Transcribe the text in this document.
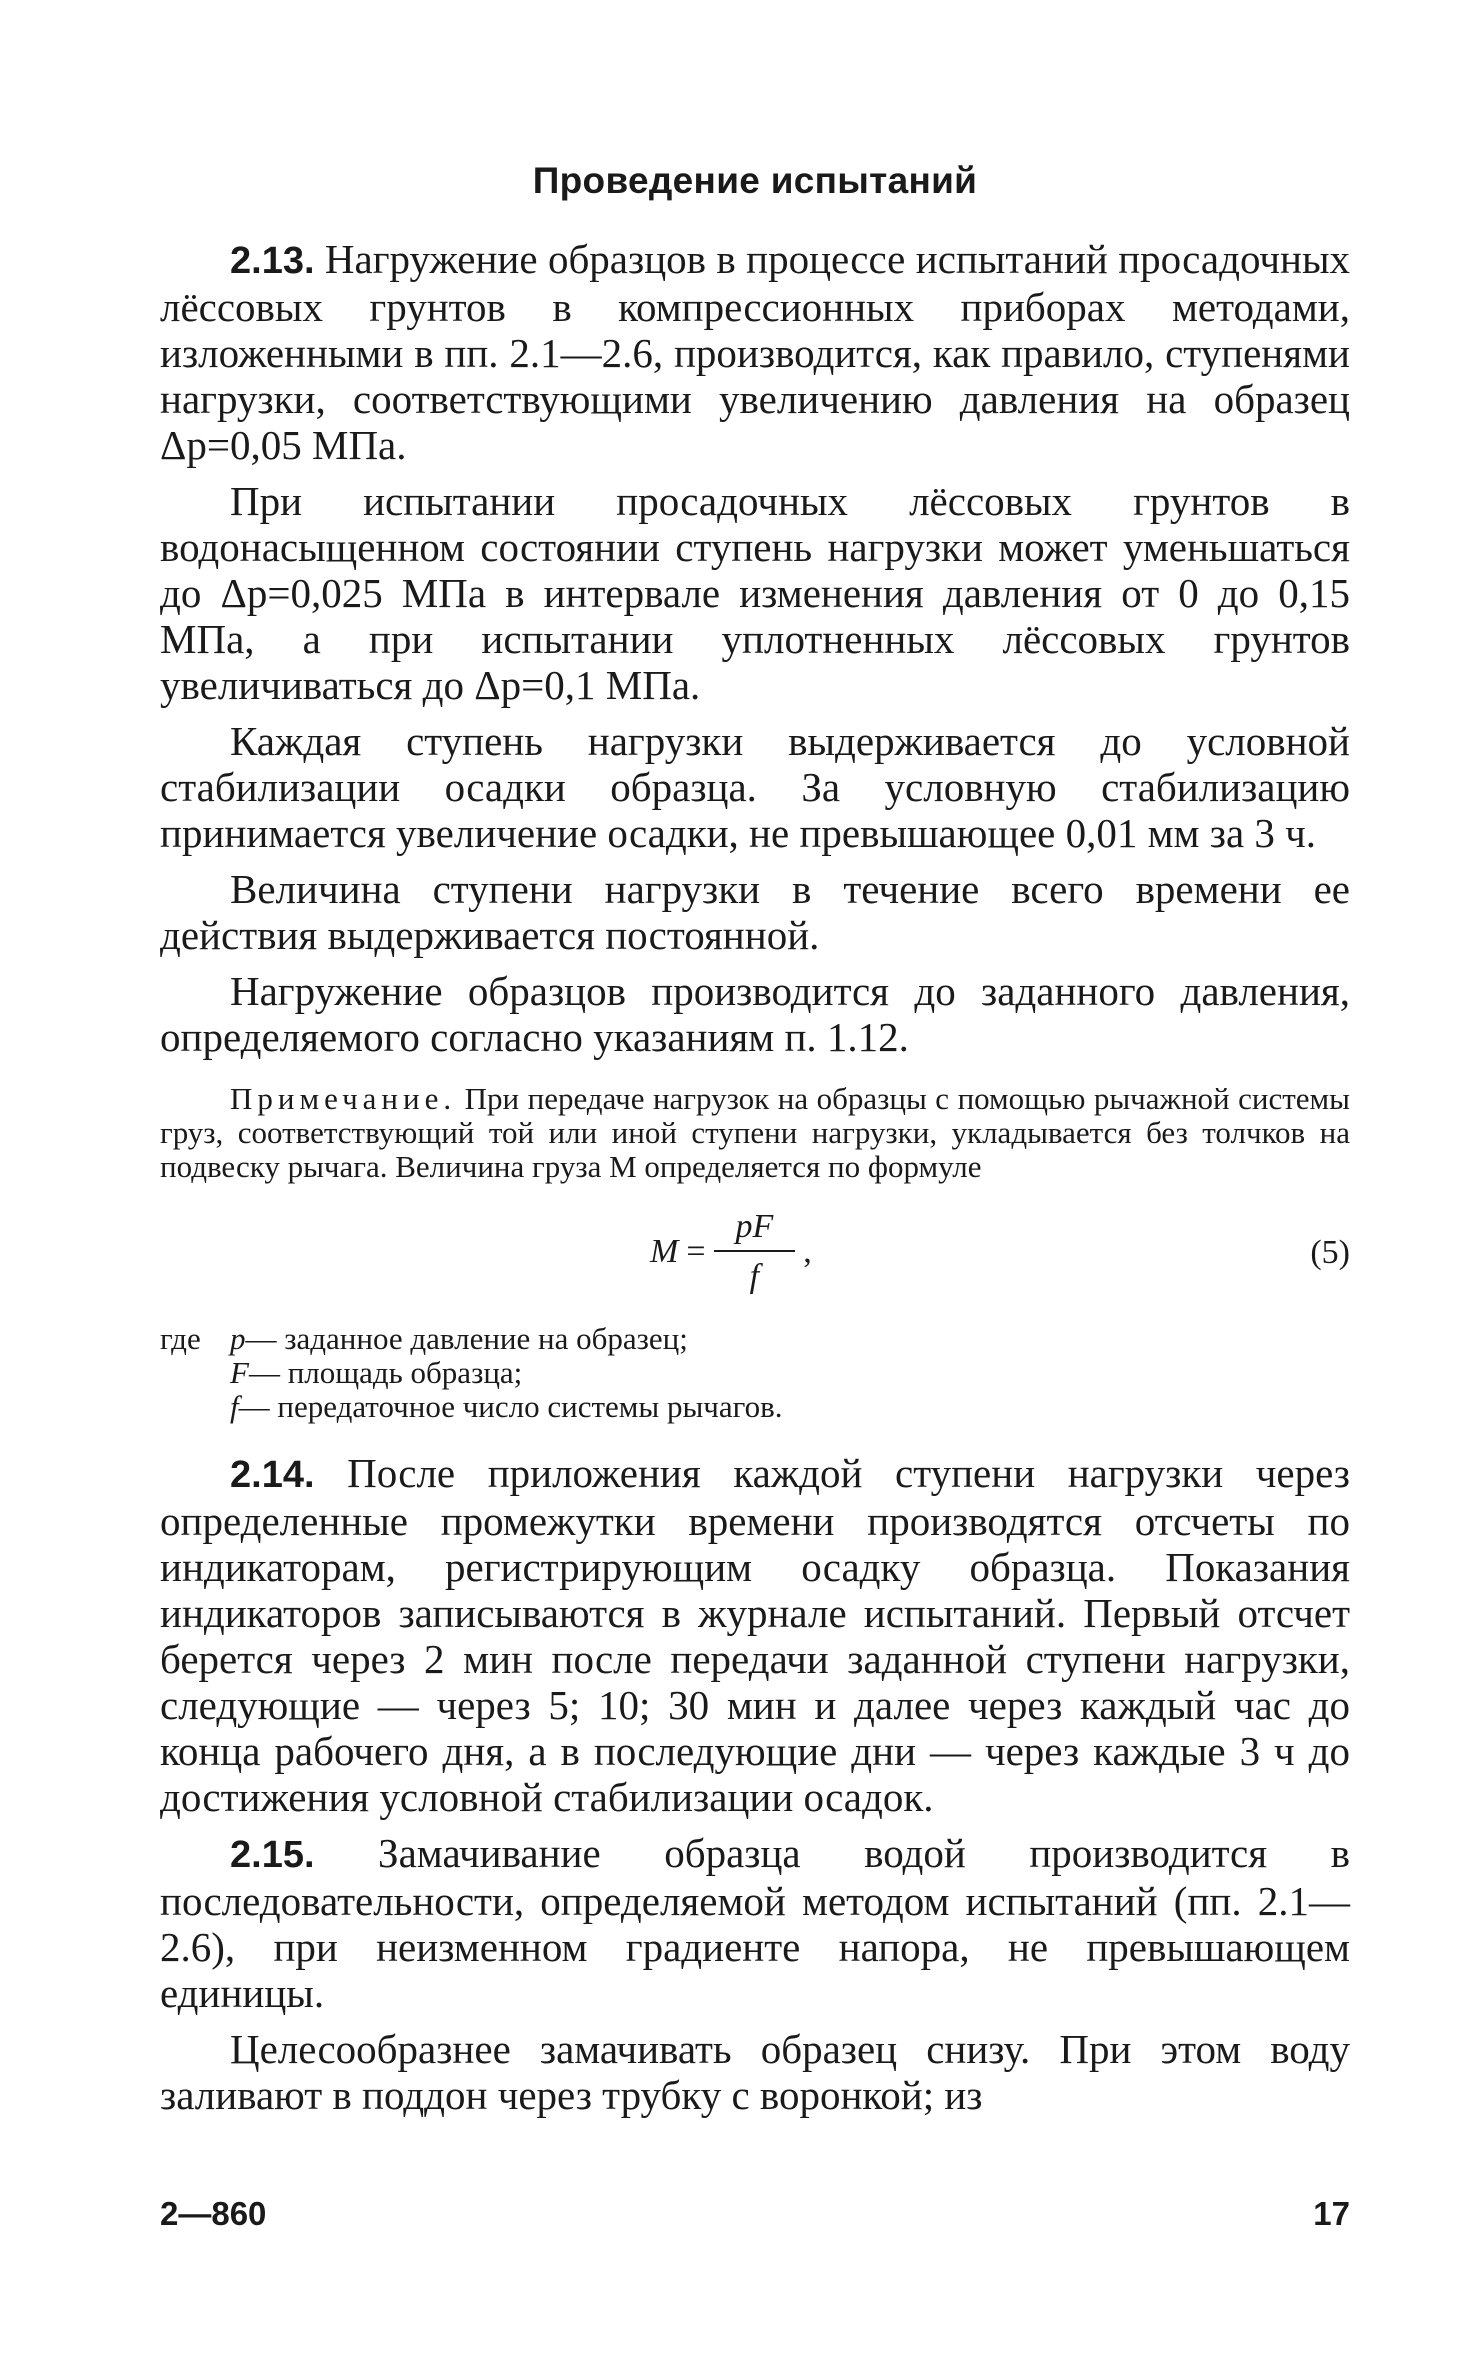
Проведение испытаний

2.13. Нагружение образцов в процессе испытаний просадочных лёссовых грунтов в компрессионных приборах методами, изложенными в пп. 2.1—2.6, производится, как правило, ступенями нагрузки, соответствующими увеличению давления на образец Δp=0,05 МПа.

При испытании просадочных лёссовых грунтов в водонасыщенном состоянии ступень нагрузки может уменьшаться до Δp=0,025 МПа в интервале изменения давления от 0 до 0,15 МПа, а при испытании уплотненных лёссовых грунтов увеличиваться до Δp=0,1 МПа.

Каждая ступень нагрузки выдерживается до условной стабилизации осадки образца. За условную стабилизацию принимается увеличение осадки, не превышающее 0,01 мм за 3 ч.

Величина ступени нагрузки в течение всего времени ее действия выдерживается постоянной.

Нагружение образцов производится до заданного давления, определяемого согласно указаниям п. 1.12.

Примечание. При передаче нагрузок на образцы с помощью рычажной системы груз, соответствующий той или иной ступени нагрузки, укладывается без толчков на подвеску рычага. Величина груза M определяется по формуле

$M = \frac{pF}{f}$ ,	(5)
где p — заданное давление на образец;
F — площадь образца;
f — передаточное число системы рычагов.

2.14. После приложения каждой ступени нагрузки через определенные промежутки времени производятся отсчеты по индикаторам, регистрирующим осадку образца. Показания индикаторов записываются в журнале испытаний. Первый отсчет берется через 2 мин после передачи заданной ступени нагрузки, следующие — через 5; 10; 30 мин и далее через каждый час до конца рабочего дня, а в последующие дни — через каждые 3 ч до достижения условной стабилизации осадок.

2.15. Замачивание образца водой производится в последовательности, определяемой методом испытаний (пп. 2.1—2.6), при неизменном градиенте напора, не превышающем единицы.

Целесообразнее замачивать образец снизу. При этом воду заливают в поддон через трубку с воронкой; из

2—860	17
